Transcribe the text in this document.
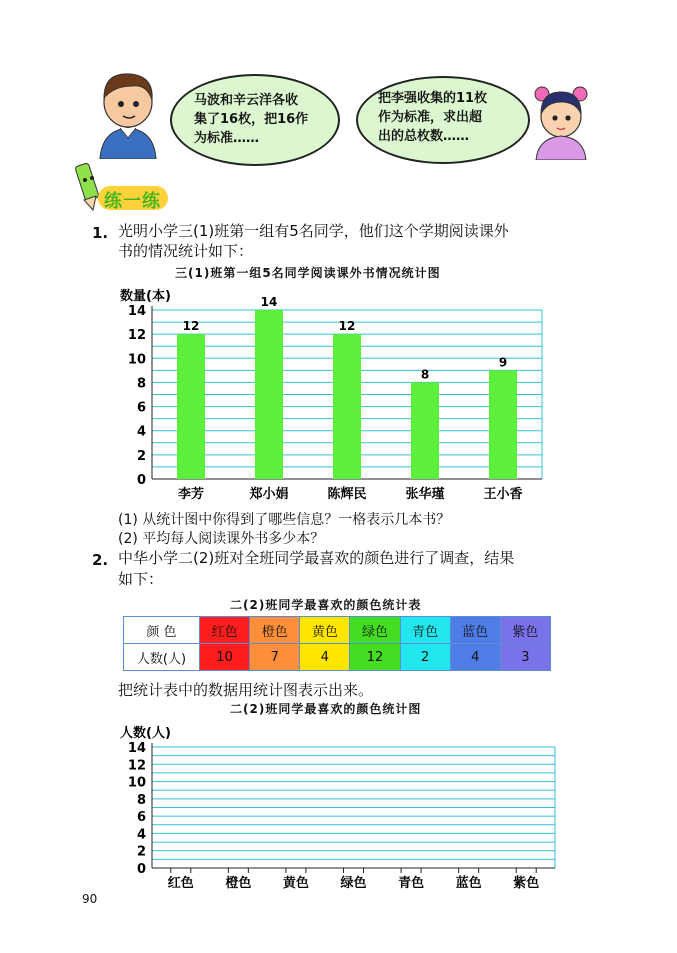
马波和辛云洋各收
集了16枚，把16作
为标准……
把李强收集的11枚
作为标准，求出超
出的总枚数……
练一练
1. 光明小学三(1)班第一组有5名同学，他们这个学期阅读课外
书的情况统计如下：
三(1)班第一组5名同学阅读课外书情况统计图
数量(本)
0
2
4
6
8
10
12
14
李芳
12
郑小娟
14
陈辉民
12
张华瑾
8
王小香
9
(1) 从统计图中你得到了哪些信息？一格表示几本书？
(2) 平均每人阅读课外书多少本？
2. 中华小学二(2)班对全班同学最喜欢的颜色进行了调查，结果
如下：
二(2)班同学最喜欢的颜色统计表
颜 色	红色	橙色	黄色	绿色	青色	蓝色	紫色
人数(人)	10	7	4	12	2	4	3
把统计表中的数据用统计图表示出来。
二(2)班同学最喜欢的颜色统计图
人数(人)
0
2
4
6
8
10
12
14
红色 橙色 黄色 绿色 青色 蓝色 紫色
90
